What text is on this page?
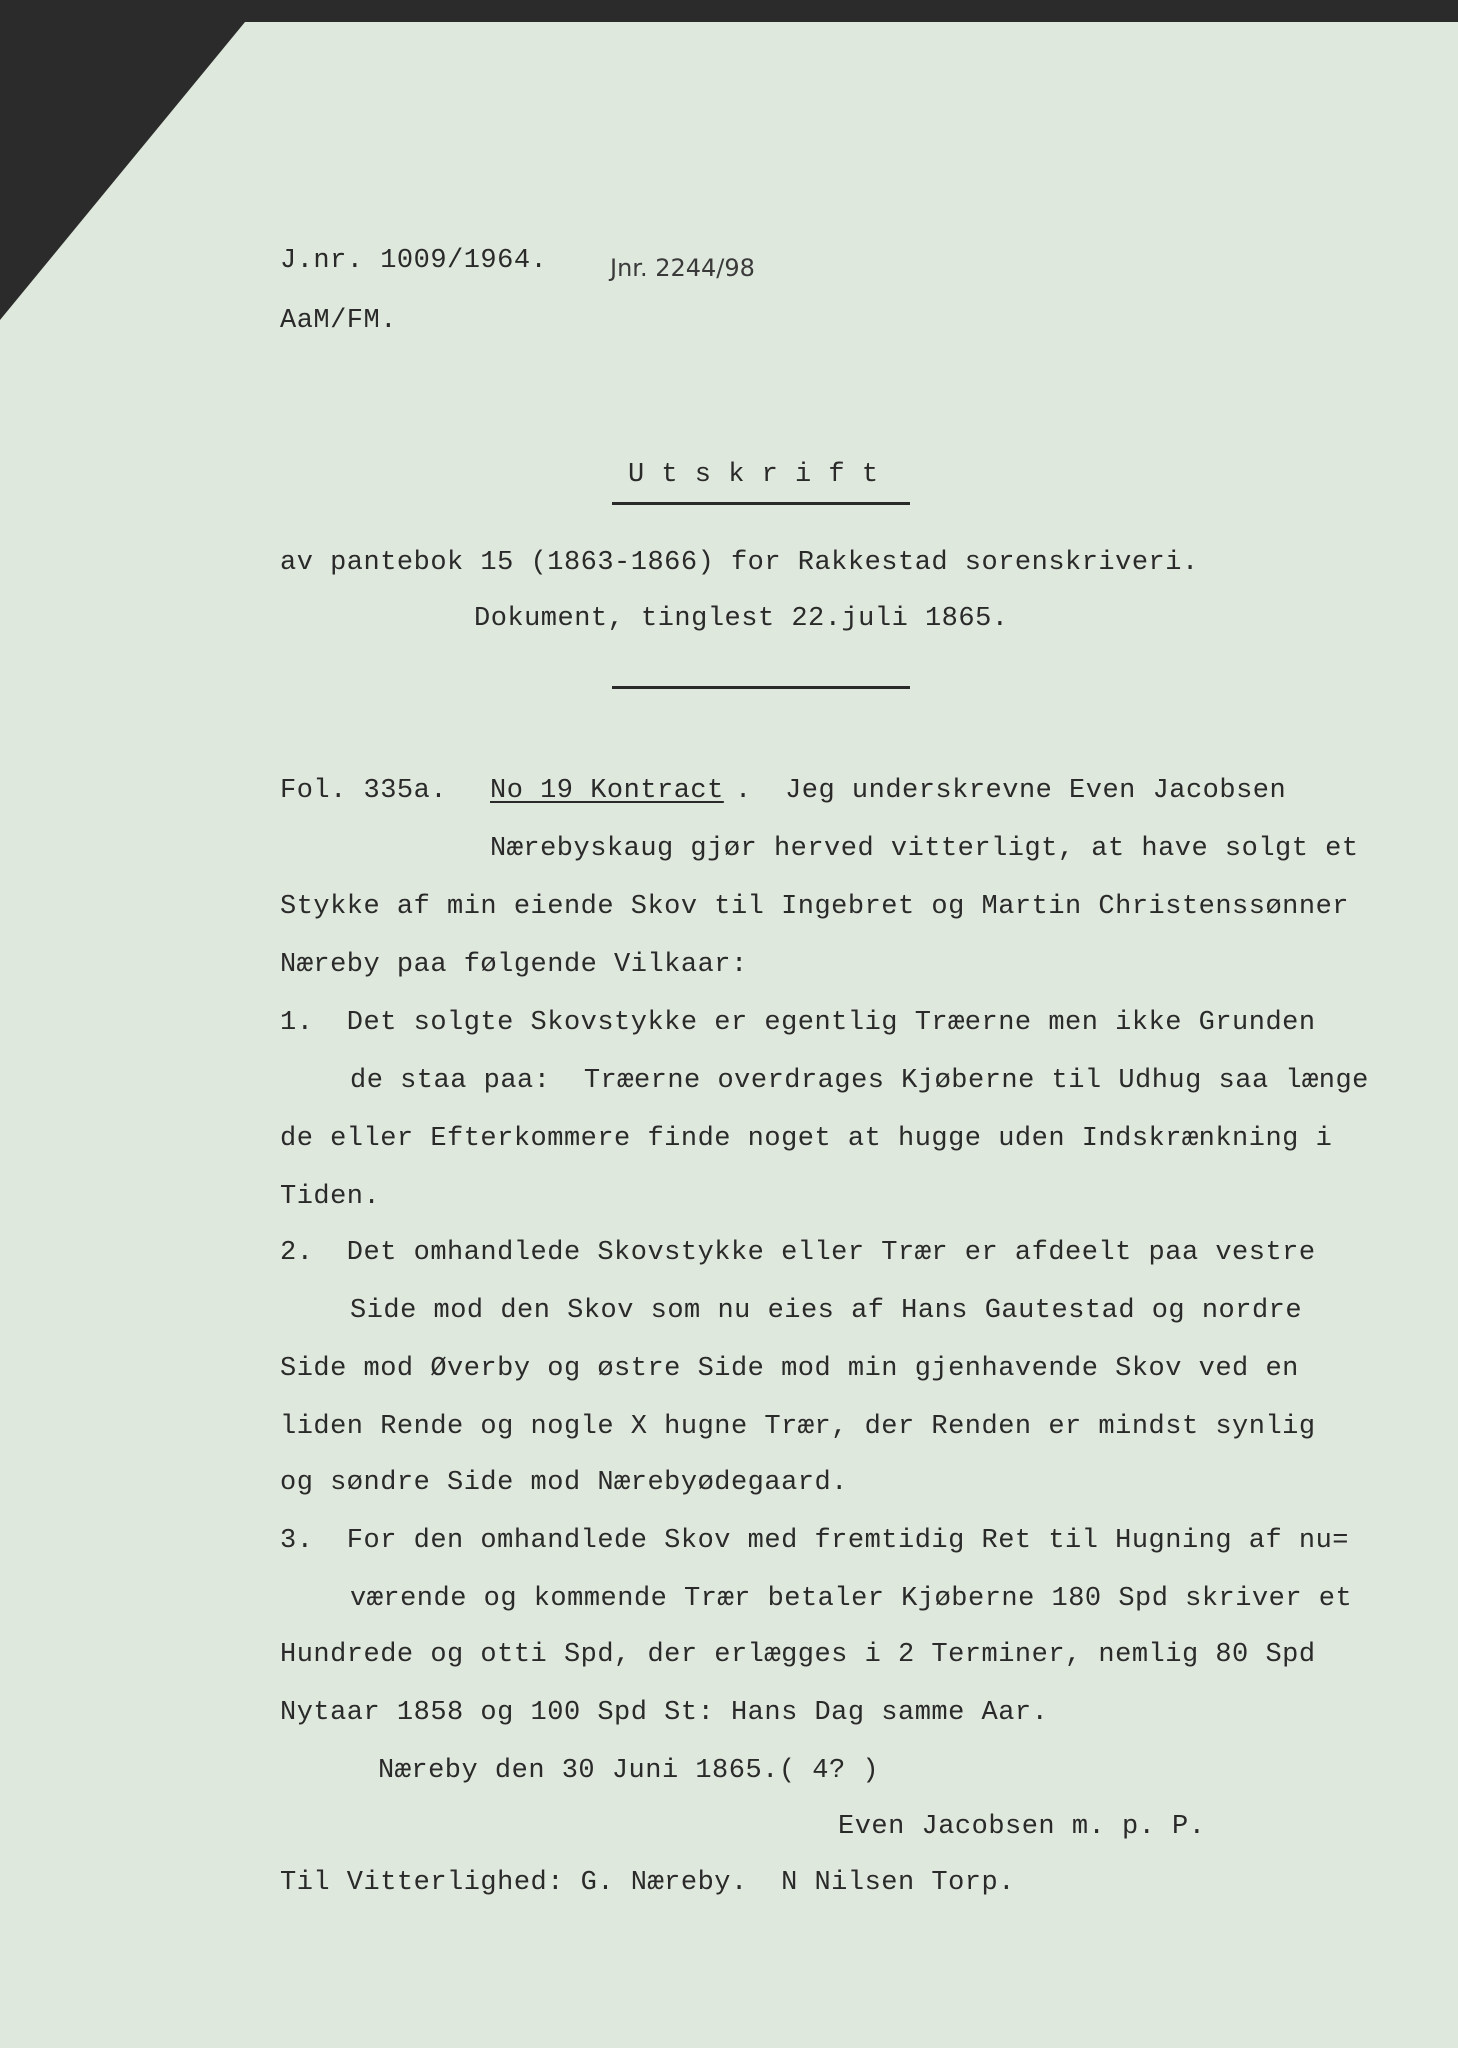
J.nr. 1009/1964.	Jnr. 2244/98
AaM/FM.
U t s k r i f t
av pantebok 15 (1863-1866) for Rakkestad sorenskriveri.
Dokument, tinglest 22.juli 1865.
Fol. 335a. No 19 Kontract .  Jeg underskrevne Even Jacobsen
Nærebyskaug gjør herved vitterligt, at have solgt et
Stykke af min eiende Skov til Ingebret og Martin Christenssønner
Næreby paa følgende Vilkaar:
1.  Det solgte Skovstykke er egentlig Træerne men ikke Grunden
de staa paa:  Træerne overdrages Kjøberne til Udhug saa længe
de eller Efterkommere finde noget at hugge uden Indskrænkning i
Tiden.
2.  Det omhandlede Skovstykke eller Trær er afdeelt paa vestre
Side mod den Skov som nu eies af Hans Gautestad og nordre
Side mod Øverby og østre Side mod min gjenhavende Skov ved en
liden Rende og nogle X hugne Trær, der Renden er mindst synlig
og søndre Side mod Nærebyødegaard.
3.  For den omhandlede Skov med fremtidig Ret til Hugning af nu=
værende og kommende Trær betaler Kjøberne 180 Spd skriver et
Hundrede og otti Spd, der erlægges i 2 Terminer, nemlig 80 Spd
Nytaar 1858 og 100 Spd St: Hans Dag samme Aar.
Næreby den 30 Juni 1865.( 4? )
Even Jacobsen m. p. P.
Til Vitterlighed: G. Næreby.  N Nilsen Torp.
